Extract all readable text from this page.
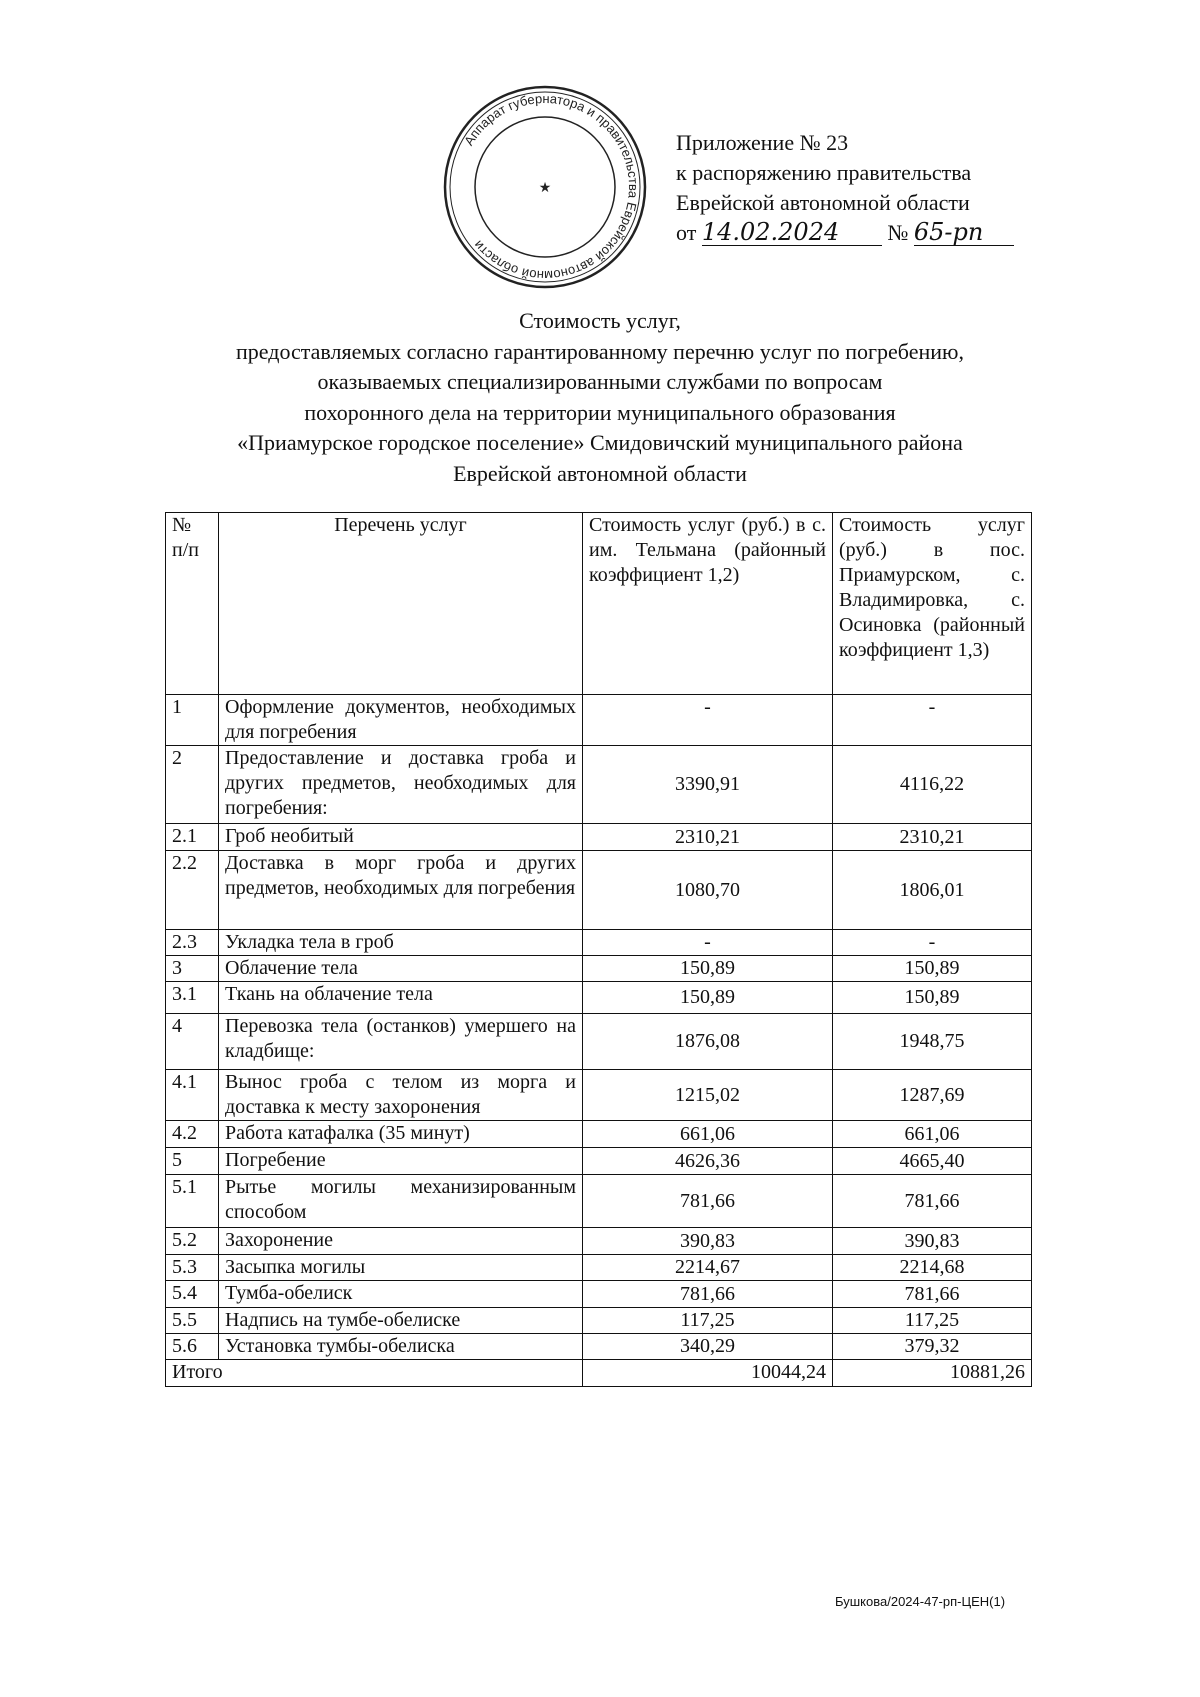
Аппарат губернатора и правительства Еврейской автономной области
★
Приложение № 23
к распоряжению правительства
Еврейской автономной области
от 14.02.2024 № 65-рп
Стоимость услуг,
предоставляемых согласно гарантированному перечню услуг по погребению,
оказываемых специализированными службами по вопросам
похоронного дела на территории муниципального образования
«Приамурское городское поселение» Смидовичский муниципального района
Еврейской автономной области
№ п/п	Перечень услуг	Стоимость услуг (руб.) в с. им. Тельмана (районный коэффициент 1,2)	Стоимость услуг (руб.) в пос. Приамурском, с. Владимировка, с. Осиновка (районный коэффициент 1,3)
1	Оформление документов, необходимых для погребения	-	-
2	Предоставление и доставка гроба и других предметов, необходимых для погребения:	3390,91	4116,22
2.1	Гроб необитый	2310,21	2310,21
2.2	Доставка в морг гроба и других предметов, необходимых для погребения	1080,70	1806,01
2.3	Укладка тела в гроб	-	-
3	Облачение тела	150,89	150,89
3.1	Ткань на облачение тела	150,89	150,89
4	Перевозка тела (останков) умершего на кладбище:	1876,08	1948,75
4.1	Вынос гроба с телом из морга и доставка к месту захоронения	1215,02	1287,69
4.2	Работа катафалка (35 минут)	661,06	661,06
5	Погребение	4626,36	4665,40
5.1	Рытье могилы механизированным способом	781,66	781,66
5.2	Захоронение	390,83	390,83
5.3	Засыпка могилы	2214,67	2214,68
5.4	Тумба-обелиск	781,66	781,66
5.5	Надпись на тумбе-обелиске	117,25	117,25
5.6	Установка тумбы-обелиска	340,29	379,32
Итого		10044,24	10881,26
Бушкова/2024-47-рп-ЦЕН(1)
